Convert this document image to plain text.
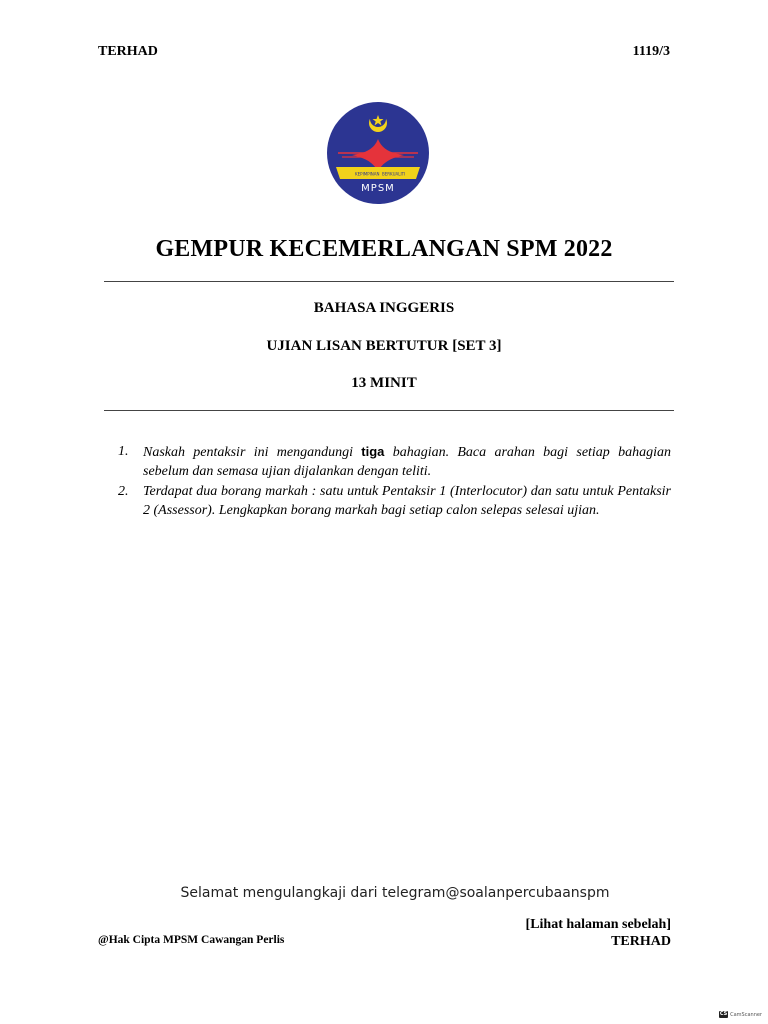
TERHAD	1119/3
KEPIMPINAN BERKUALITI
MPSM
GEMPUR KECEMERLANGAN SPM 2022
BAHASA INGGERIS
UJIAN LISAN BERTUTUR [SET 3]
13 MINIT
1.	Naskah pentaksir ini mengandungi tiga bahagian. Baca arahan bagi setiap bahagian sebelum dan semasa ujian dijalankan dengan teliti.
2.	Terdapat dua borang markah : satu untuk Pentaksir 1 (Interlocutor) dan satu untuk Pentaksir 2 (Assessor). Lengkapkan borang markah bagi setiap calon selepas selesai ujian.
Selamat mengulangkaji dari telegram@soalanpercubaanspm
[Lihat halaman sebelah]
TERHAD
@Hak Cipta MPSM Cawangan Perlis
CS CamScanner
